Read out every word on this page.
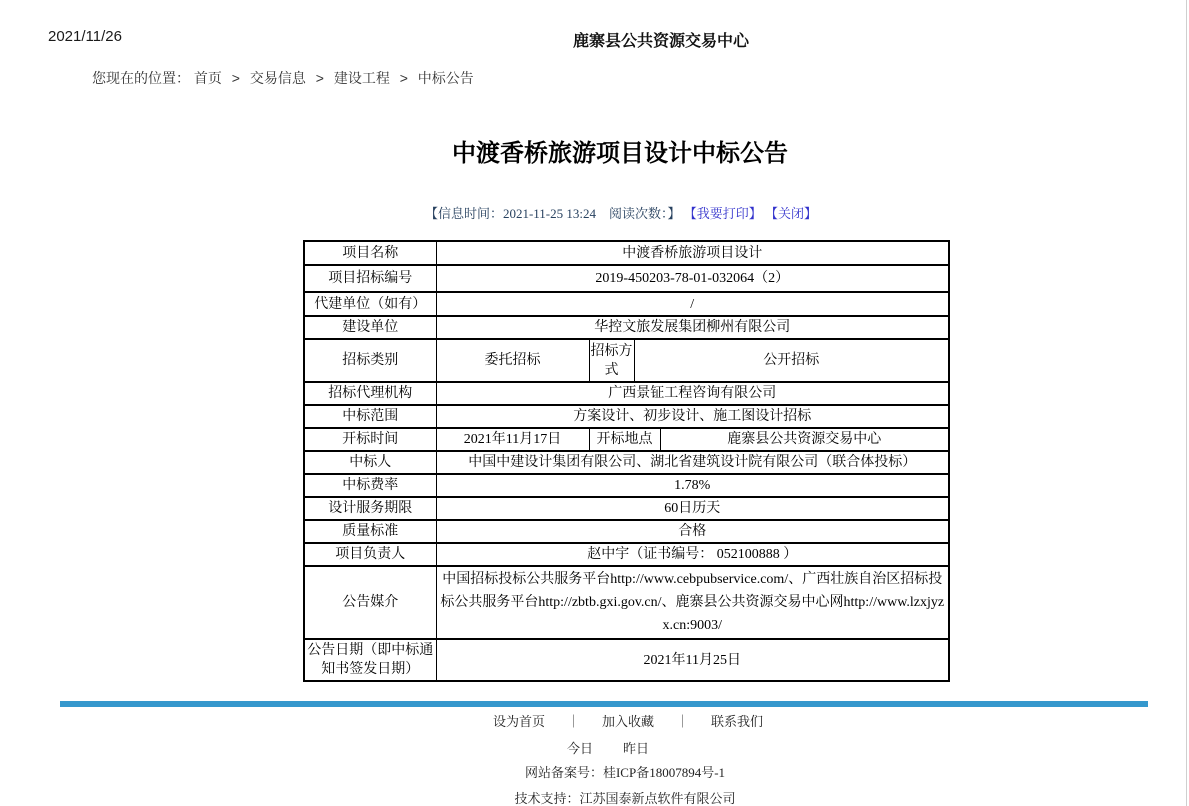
2021/11/26	鹿寨县公共资源交易中心
您现在的位置： 首页 > 交易信息 > 建设工程 > 中标公告
中渡香桥旅游项目设计中标公告
【信息时间：2021-11-25 13:24　阅读次数：】 【我要打印】 【关闭】
项目名称	中渡香桥旅游项目设计			
项目招标编号	2019-450203-78-01-032064（2）			
代建单位（如有）	/			
建设单位	华控文旅发展集团柳州有限公司			
招标类别	委托招标	招标方式	公开招标	
招标代理机构	广西景钲工程咨询有限公司			
中标范围	方案设计、初步设计、施工图设计招标			
开标时间	2021年11月17日	开标地点		鹿寨县公共资源交易中心
中标人	中国中建设计集团有限公司、湖北省建筑设计院有限公司（联合体投标）			
中标费率	1.78%			
设计服务期限	60日历天			
质量标准	合格			
项目负责人	赵中宇（证书编号： 052100888 ）			
公告媒介	中国招标投标公共服务平台http://www.cebpubservice.com/、广西壮族自治区招标投标公共服务平台http://zbtb.gxi.gov.cn/、鹿寨县公共资源交易中心网http://www.lzxjyzx.cn:9003/			
公告日期（即中标通知书签发日期）	2021年11月25日			
设为首页 ｜ 加入收藏 ｜ 联系我们
今日 昨日
网站备案号：桂ICP备18007894号-1
技术支持：江苏国泰新点软件有限公司
